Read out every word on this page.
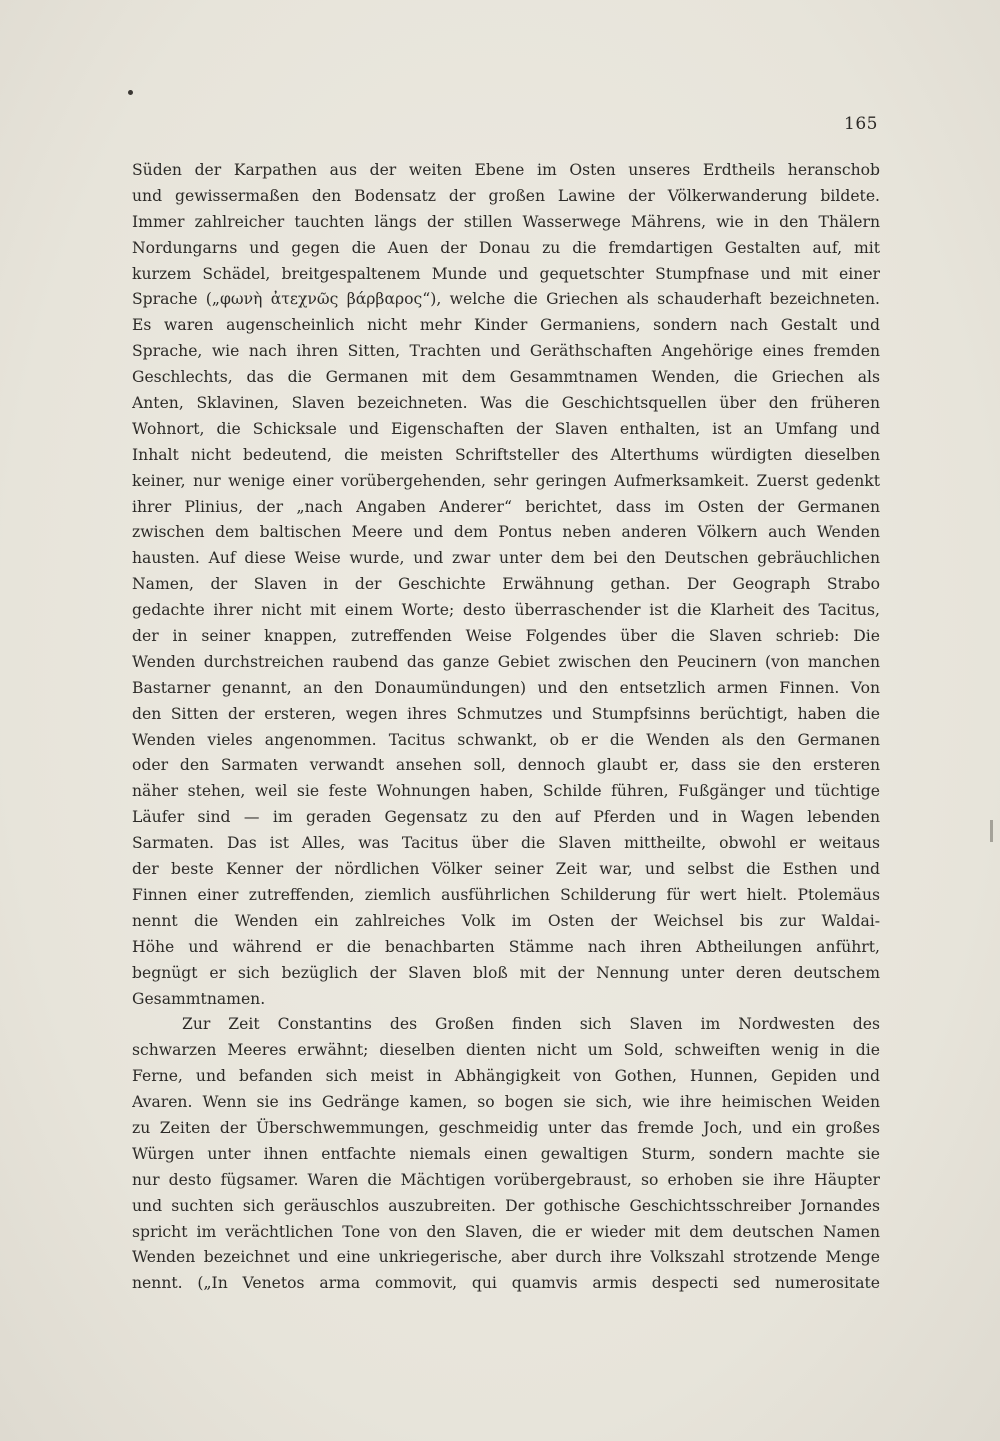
165
Süden der Karpathen aus der weiten Ebene im Osten unseres Erdtheils heranschob
und gewissermaßen den Bodensatz der großen Lawine der Völkerwanderung bildete.
Immer zahlreicher tauchten längs der stillen Wasserwege Mährens, wie in den Thälern
Nordungarns und gegen die Auen der Donau zu die fremdartigen Gestalten auf, mit
kurzem Schädel, breitgespaltenem Munde und gequetschter Stumpfnase und mit einer
Sprache („φωνὴ ἀτεχνῶς βάρβαρος“), welche die Griechen als schauderhaft bezeichneten.
Es waren augenscheinlich nicht mehr Kinder Germaniens, sondern nach Gestalt und
Sprache, wie nach ihren Sitten, Trachten und Geräthschaften Angehörige eines fremden
Geschlechts, das die Germanen mit dem Gesammtnamen Wenden, die Griechen als
Anten, Sklavinen, Slaven bezeichneten. Was die Geschichtsquellen über den früheren
Wohnort, die Schicksale und Eigenschaften der Slaven enthalten, ist an Umfang und
Inhalt nicht bedeutend, die meisten Schriftsteller des Alterthums würdigten dieselben
keiner, nur wenige einer vorübergehenden, sehr geringen Aufmerksamkeit. Zuerst gedenkt
ihrer Plinius, der „nach Angaben Anderer“ berichtet, dass im Osten der Germanen
zwischen dem baltischen Meere und dem Pontus neben anderen Völkern auch Wenden
hausten. Auf diese Weise wurde, und zwar unter dem bei den Deutschen gebräuchlichen
Namen, der Slaven in der Geschichte Erwähnung gethan. Der Geograph Strabo
gedachte ihrer nicht mit einem Worte; desto überraschender ist die Klarheit des Tacitus,
der in seiner knappen, zutreffenden Weise Folgendes über die Slaven schrieb: Die
Wenden durchstreichen raubend das ganze Gebiet zwischen den Peucinern (von manchen
Bastarner genannt, an den Donaumündungen) und den entsetzlich armen Finnen. Von
den Sitten der ersteren, wegen ihres Schmutzes und Stumpfsinns berüchtigt, haben die
Wenden vieles angenommen. Tacitus schwankt, ob er die Wenden als den Germanen
oder den Sarmaten verwandt ansehen soll, dennoch glaubt er, dass sie den ersteren
näher stehen, weil sie feste Wohnungen haben, Schilde führen, Fußgänger und tüchtige
Läufer sind — im geraden Gegensatz zu den auf Pferden und in Wagen lebenden
Sarmaten. Das ist Alles, was Tacitus über die Slaven mittheilte, obwohl er weitaus
der beste Kenner der nördlichen Völker seiner Zeit war, und selbst die Esthen und
Finnen einer zutreffenden, ziemlich ausführlichen Schilderung für wert hielt. Ptolemäus
nennt die Wenden ein zahlreiches Volk im Osten der Weichsel bis zur Waldai-
Höhe und während er die benachbarten Stämme nach ihren Abtheilungen anführt,
begnügt er sich bezüglich der Slaven bloß mit der Nennung unter deren deutschem
Gesammtnamen.
Zur Zeit Constantins des Großen finden sich Slaven im Nordwesten des
schwarzen Meeres erwähnt; dieselben dienten nicht um Sold, schweiften wenig in die
Ferne, und befanden sich meist in Abhängigkeit von Gothen, Hunnen, Gepiden und
Avaren. Wenn sie ins Gedränge kamen, so bogen sie sich, wie ihre heimischen Weiden
zu Zeiten der Überschwemmungen, geschmeidig unter das fremde Joch, und ein großes
Würgen unter ihnen entfachte niemals einen gewaltigen Sturm, sondern machte sie
nur desto fügsamer. Waren die Mächtigen vorübergebraust, so erhoben sie ihre Häupter
und suchten sich geräuschlos auszubreiten. Der gothische Geschichtsschreiber Jornandes
spricht im verächtlichen Tone von den Slaven, die er wieder mit dem deutschen Namen
Wenden bezeichnet und eine unkriegerische, aber durch ihre Volkszahl strotzende Menge
nennt. („In Venetos arma commovit, qui quamvis armis despecti sed numerositate
